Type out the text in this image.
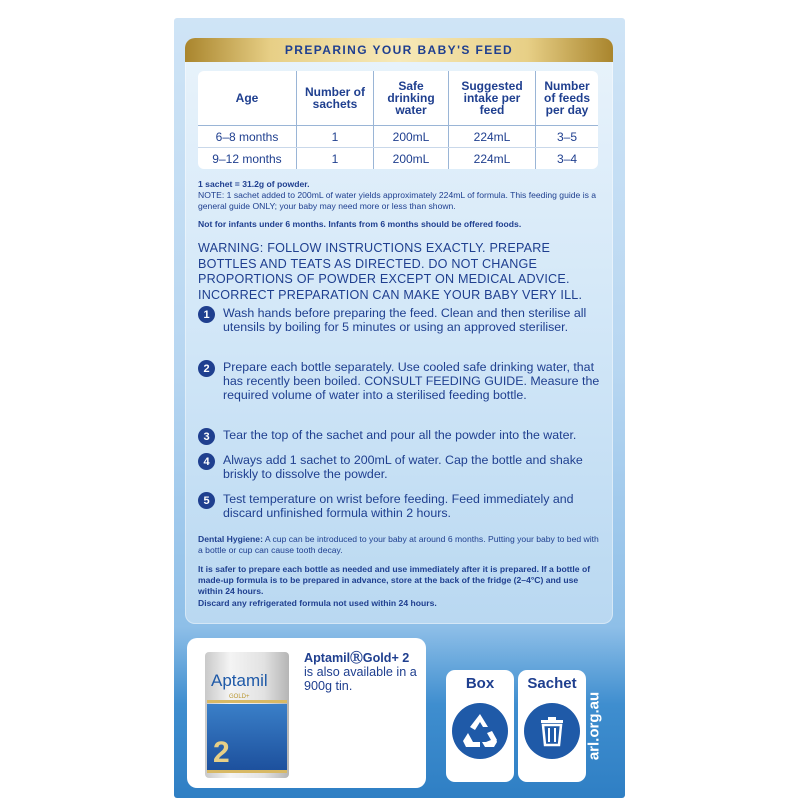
PREPARING YOUR BABY'S FEED
Age	Number of sachets	Safe drinking water	Suggested intake per feed	Number of feeds per day
6–8 months	1	200mL	224mL	3–5
9–12 months	1	200mL	224mL	3–4
1 sachet = 31.2g of powder.
NOTE: 1 sachet added to 200mL of water yields approximately 224mL of formula. This feeding guide is a general guide ONLY; your baby may need more or less than shown.
Not for infants under 6 months. Infants from 6 months should be offered foods.
WARNING: FOLLOW INSTRUCTIONS EXACTLY. PREPARE BOTTLES AND TEATS AS DIRECTED. DO NOT CHANGE PROPORTIONS OF POWDER EXCEPT ON MEDICAL ADVICE. INCORRECT PREPARATION CAN MAKE YOUR BABY VERY ILL.
1	Wash hands before preparing the feed. Clean and then sterilise all utensils by boiling for 5 minutes or using an approved steriliser.
2	Prepare each bottle separately. Use cooled safe drinking water, that has recently been boiled. CONSULT FEEDING GUIDE. Measure the required volume of water into a sterilised feeding bottle.
3	Tear the top of the sachet and pour all the powder into the water.
4	Always add 1 sachet to 200mL of water. Cap the bottle and shake briskly to dissolve the powder.
5	Test temperature on wrist before feeding. Feed immediately and discard unfinished formula within 2 hours.
Dental Hygiene: A cup can be introduced to your baby at around 6 months. Putting your baby to bed with a bottle or cup can cause tooth decay.
It is safer to prepare each bottle as needed and use immediately after it is prepared. If a bottle of made-up formula is to be prepared in advance, store at the back of the fridge (2–4°C) and use within 24 hours.
Discard any refrigerated formula not used within 24 hours.
Aptamil
GOLD+
2
AptamilⓇGold+ 2
is also available in a 900g tin.	Box	Sachet
arl.org.au
